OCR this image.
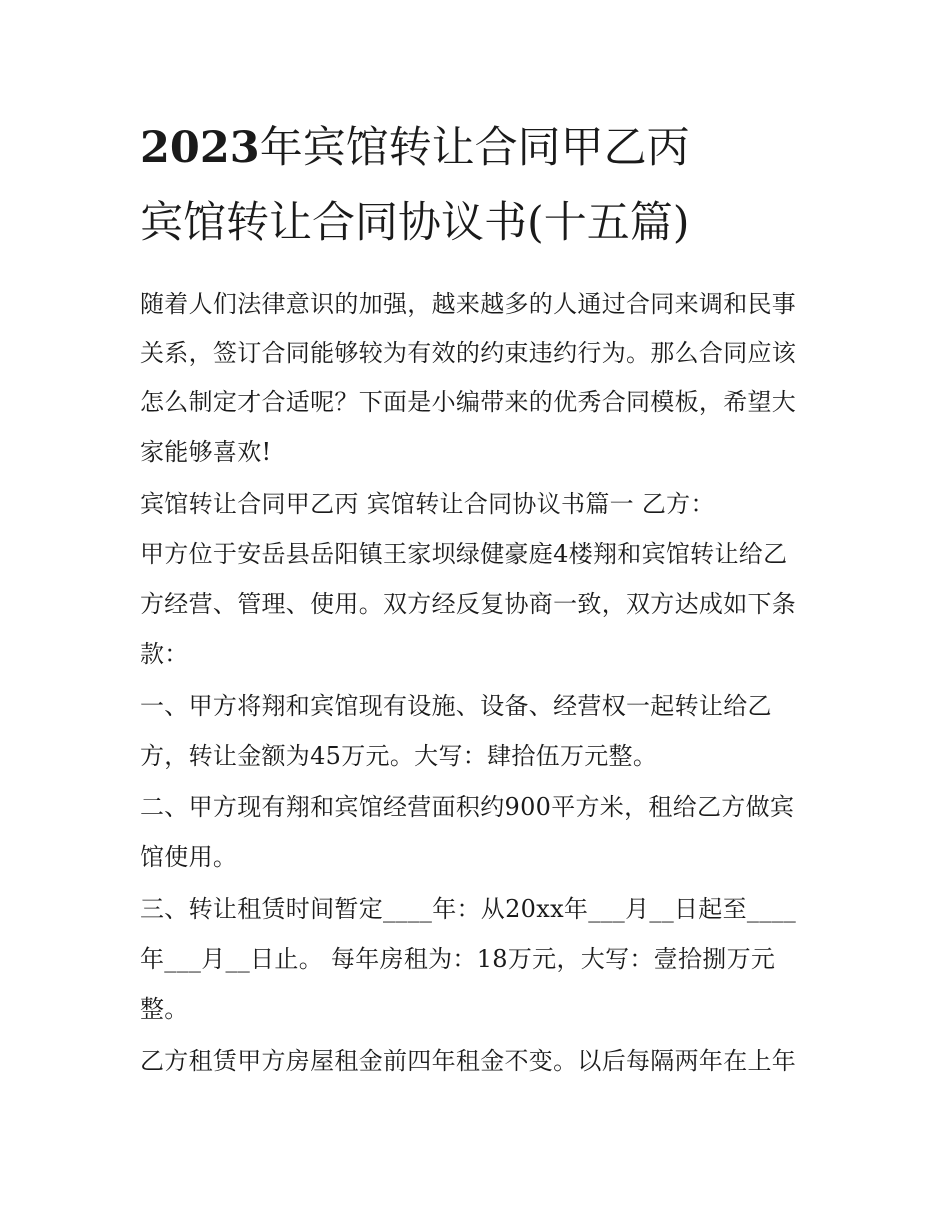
2023年宾馆转让合同甲乙丙
宾馆转让合同协议书(十五篇)
随着人们法律意识的加强，越来越多的人通过合同来调和民事
关系，签订合同能够较为有效的约束违约行为。那么合同应该
怎么制定才合适呢？下面是小编带来的优秀合同模板，希望大
家能够喜欢!
宾馆转让合同甲乙丙 宾馆转让合同协议书篇一 乙方：
甲方位于安岳县岳阳镇王家坝绿健豪庭4楼翔和宾馆转让给乙
方经营、管理、使用。双方经反复协商一致，双方达成如下条
款：
一、甲方将翔和宾馆现有设施、设备、经营权一起转让给乙
方，转让金额为45万元。大写：肆拾伍万元整。
二、甲方现有翔和宾馆经营面积约900平方米，租给乙方做宾
馆使用。
三、转让租赁时间暂定____年：从20xx年___月__日起至____
年___月__日止。 每年房租为：18万元，大写：壹拾捌万元
整。
乙方租赁甲方房屋租金前四年租金不变。以后每隔两年在上年
